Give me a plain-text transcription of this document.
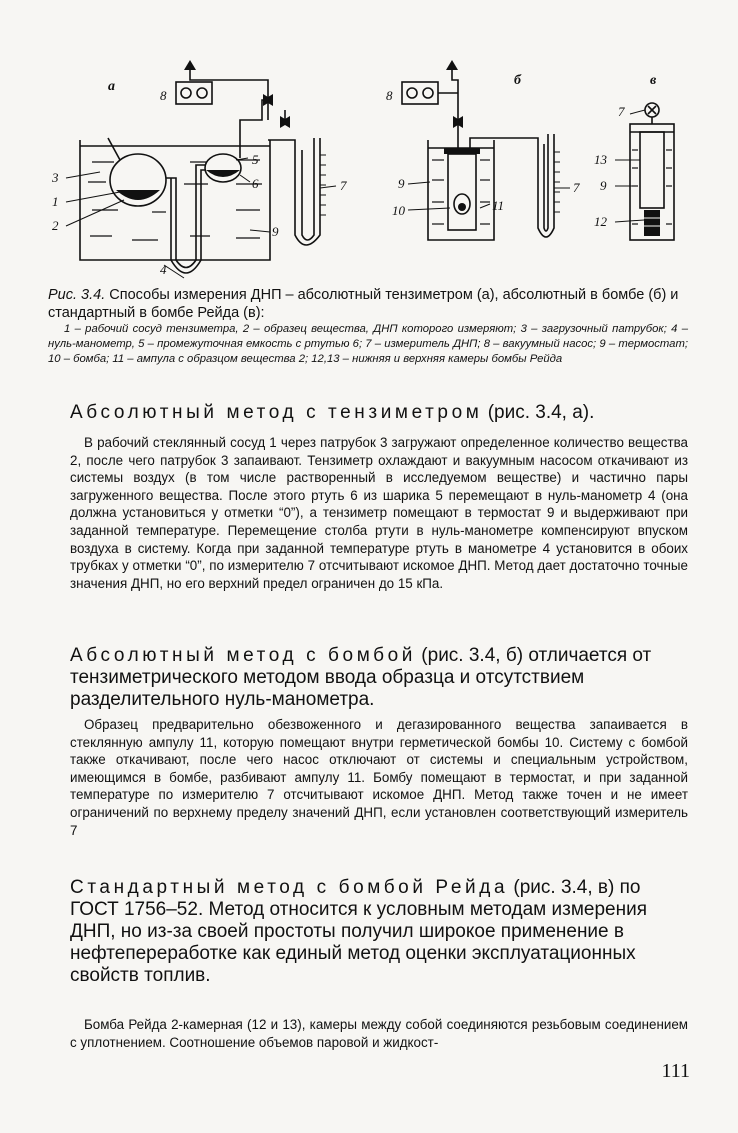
а
3
1
2
4
5
6
9
7
8
б
8
9
10	11
7
в
7
13
9
12
Рис. 3.4. Способы измерения ДНП – абсолютный тензиметром (а), абсолютный в бомбе (б) и стандартный в бомбе Рейда (в):
1 – рабочий сосуд тензиметра, 2 – образец вещества, ДНП которого измеряют; 3 – загрузочный патрубок; 4 – нуль-манометр, 5 – промежуточная емкость с ртутью 6; 7 – измеритель ДНП; 8 – вакуумный насос; 9 – термостат; 10 – бомба; 11 – ампула с образцом вещества 2; 12,13 – нижняя и верхняя камеры бомбы Рейда
Абсолютный метод с тензиметром (рис. 3.4, а).
В рабочий стеклянный сосуд 1 через патрубок 3 загружают определенное количество вещества 2, после чего патрубок 3 запаивают. Тензиметр охлаждают и вакуумным насосом откачивают из системы воздух (в том числе растворенный в исследуемом веществе) и частично пары загруженного вещества. После этого ртуть 6 из шарика 5 перемещают в нуль-манометр 4 (она должна установиться у отметки “0”), а тензиметр помещают в термостат 9 и выдерживают при заданной температуре. Перемещение столба ртути в нуль-манометре компенсируют впуском воздуха в систему. Когда при заданной температуре ртуть в манометре 4 установится в обоих трубках у отметки “0”, по измерителю 7 отсчитывают искомое ДНП. Метод дает достаточно точные значения ДНП, но его верхний предел ограничен до 15 кПа.
Абсолютный метод с бомбой (рис. 3.4, б) отличается от тензиметрического методом ввода образца и отсутствием разделительного нуль-манометра.
Образец предварительно обезвоженного и дегазированного вещества запаивается в стеклянную ампулу 11, которую помещают внутри герметической бомбы 10. Систему с бомбой также откачивают, после чего насос отключают от системы и специальным устройством, имеющимся в бомбе, разбивают ампулу 11. Бомбу помещают в термостат, и при заданной температуре по измерителю 7 отсчитывают искомое ДНП. Метод также точен и не имеет ограничений по верхнему пределу значений ДНП, если установлен соответствующий измеритель 7
Стандартный метод с бомбой Рейда (рис. 3.4, в) по ГОСТ 1756–52. Метод относится к условным методам измерения ДНП, но из-за своей простоты получил широкое применение в нефтепереработке как единый метод оценки эксплуатационных свойств топлив.
Бомба Рейда 2-камерная (12 и 13), камеры между собой соединяются резьбовым соединением с уплотнением. Соотношение объемов паровой и жидкост-
111
